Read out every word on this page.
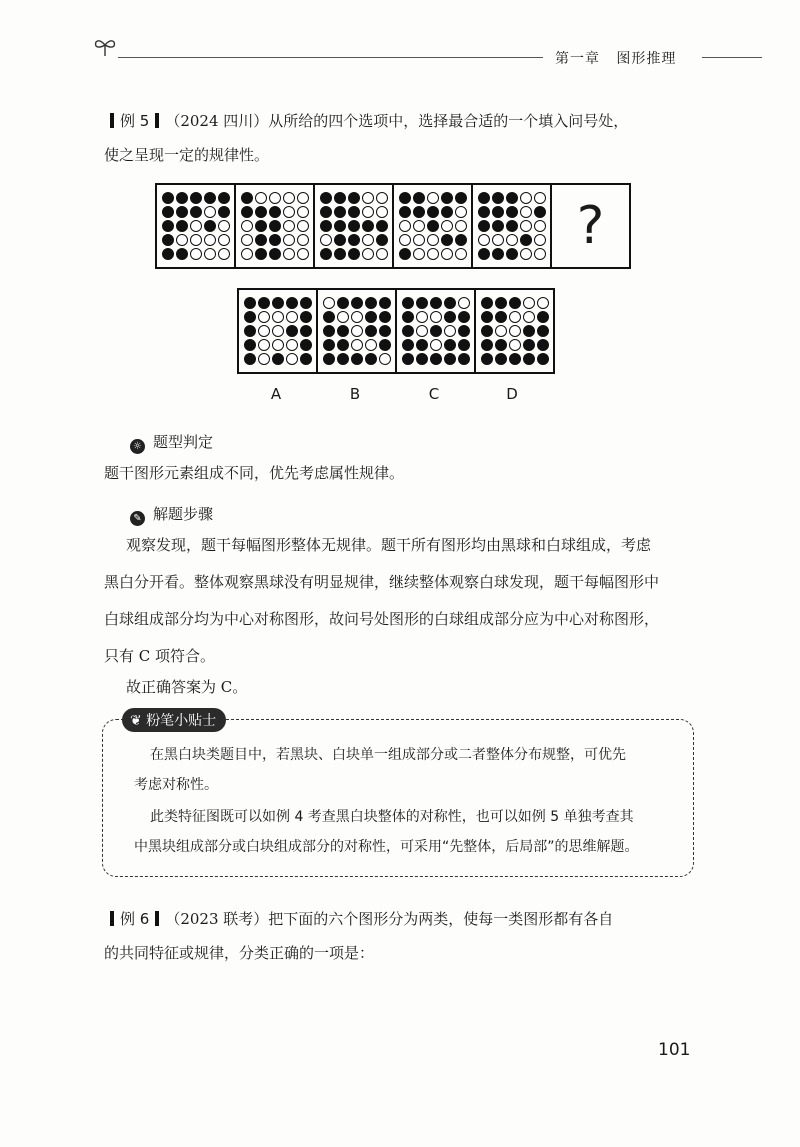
第一章 图形推理
例 5 （2024 四川）从所给的四个选项中，选择最合适的一个填入问号处，
使之呈现一定的规律性。
?
A	B	C	D
☼ 题型判定
题干图形元素组成不同，优先考虑属性规律。
✎ 解题步骤
观察发现，题干每幅图形整体无规律。题干所有图形均由黑球和白球组成，考虑
黑白分开看。整体观察黑球没有明显规律，继续整体观察白球发现，题干每幅图形中
白球组成部分均为中心对称图形，故问号处图形的白球组成部分应为中心对称图形，
只有 C 项符合。
故正确答案为 C。
❦ 粉笔小贴士
在黑白块类题目中，若黑块、白块单一组成部分或二者整体分布规整，可优先
考虑对称性。
此类特征图既可以如例 4 考查黑白块整体的对称性，也可以如例 5 单独考查其
中黑块组成部分或白块组成部分的对称性，可采用“先整体，后局部”的思维解题。
例 6 （2023 联考）把下面的六个图形分为两类，使每一类图形都有各自
的共同特征或规律，分类正确的一项是：
101
